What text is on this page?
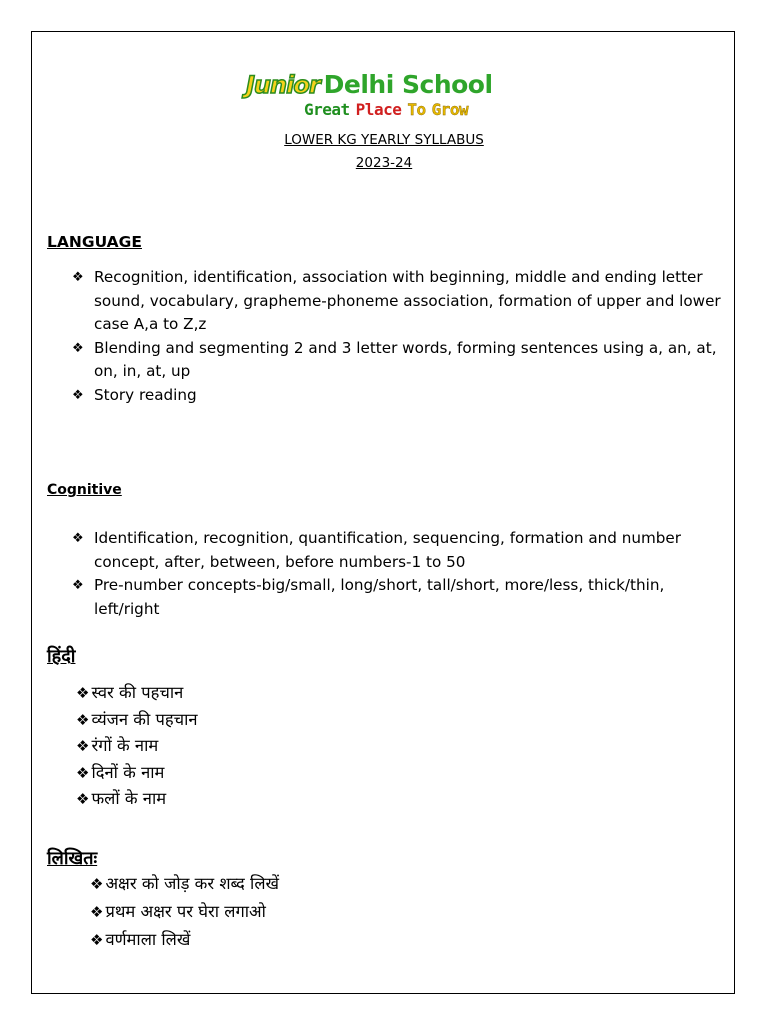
Junior Delhi School
Great Place To Grow
LOWER KG YEARLY SYLLABUS
2023-24
LANGUAGE
❖ Recognition, identification, association with beginning, middle and ending letter sound, vocabulary, grapheme-phoneme association, formation of upper and lower case A,a to Z,z
❖ Blending and segmenting 2 and 3 letter words, forming sentences using a, an, at, on, in, at, up
❖ Story reading
Cognitive
❖ Identification, recognition, quantification, sequencing, formation and number concept, after, between, before numbers-1 to 50
❖ Pre-number concepts-big/small, long/short, tall/short, more/less, thick/thin, left/right
हिंदी
❖ स्वर की पहचान
❖ व्यंजन की पहचान
❖ रंगों के नाम
❖ दिनों के नाम
❖ फलों के नाम
लिखितः
❖ अक्षर को जोड़ कर शब्द लिखें
❖ प्रथम अक्षर पर घेरा लगाओ
❖ वर्णमाला लिखें
